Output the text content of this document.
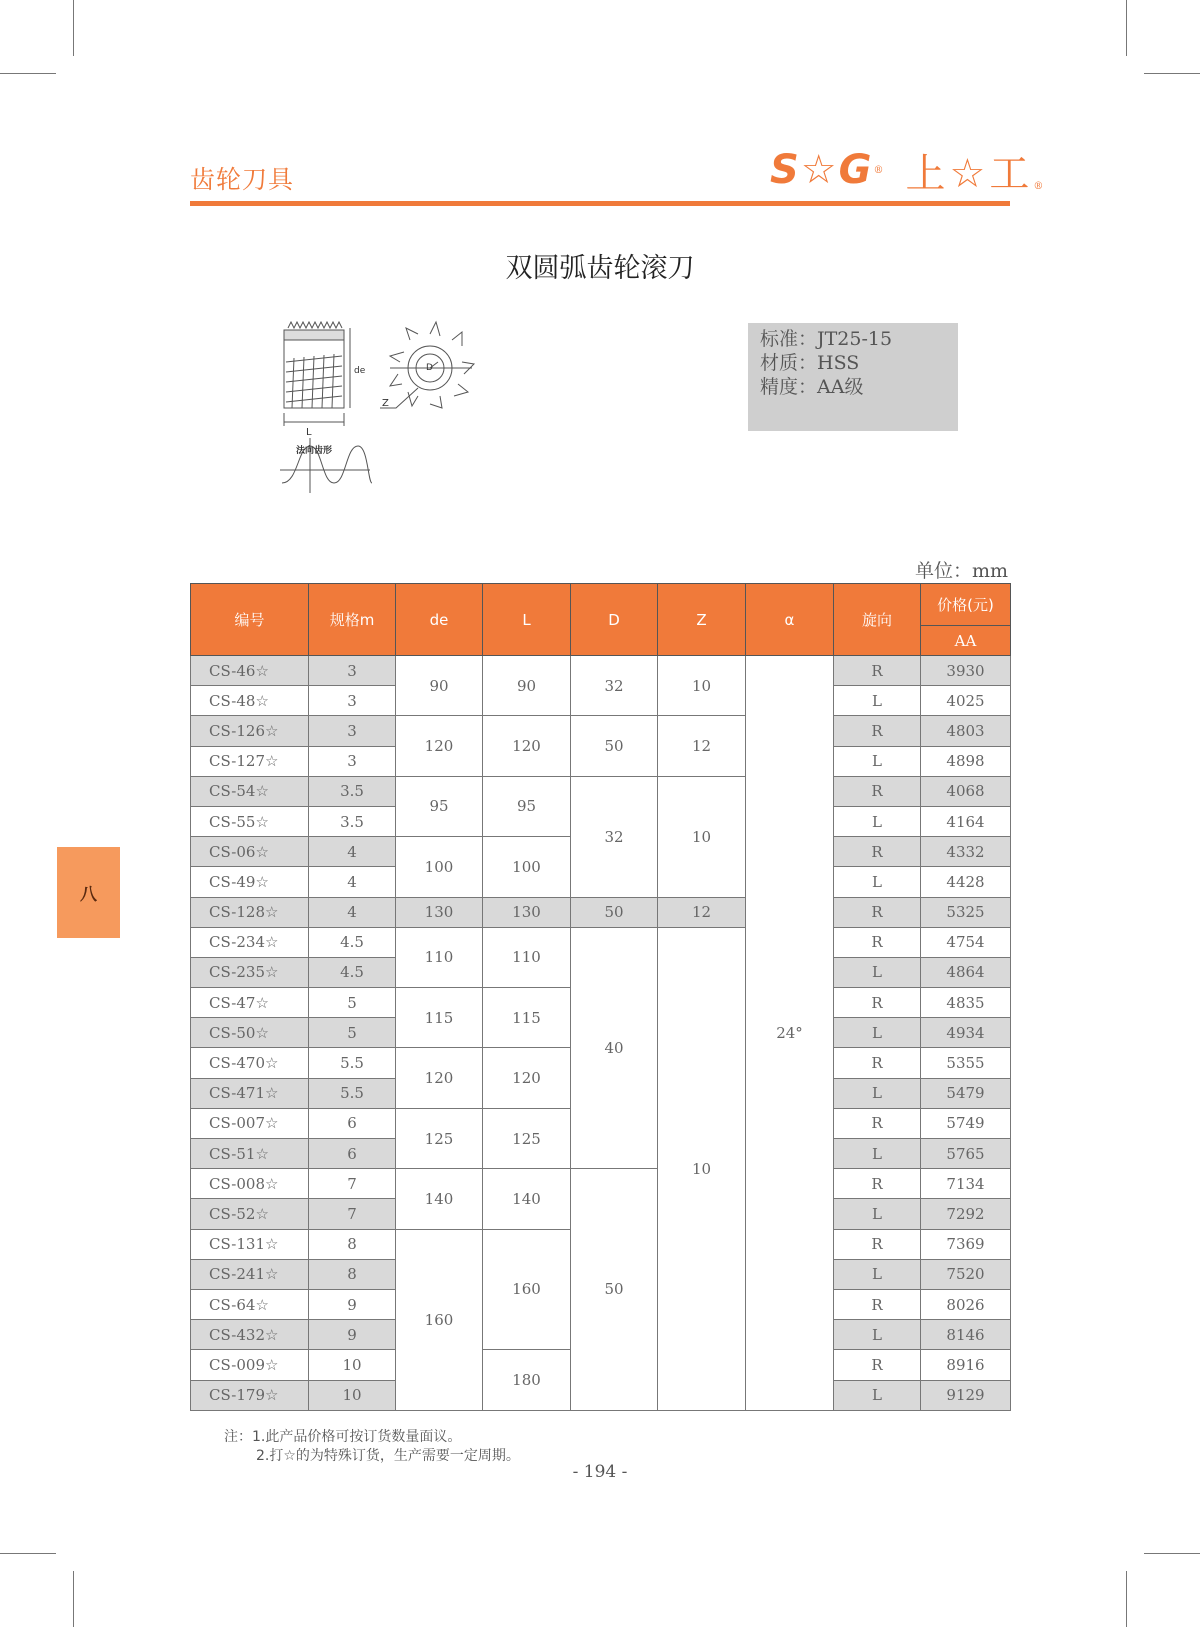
齿轮刀具	S☆G ® 上☆工 ®
双圆弧齿轮滚刀
L
de	D
Z
法向齿形
标准：JT25-15
材质：HSS
精度：AA级
单位：mm
八
编号	规格m	de	L	D	Z	α	旋向	价格(元)
								AA
CS-46☆	3	90	90	32	10	24°	R	3930
CS-48☆	3						L	4025
CS-126☆	3	120	120	50	12		R	4803
CS-127☆	3						L	4898
CS-54☆	3.5	95	95	32	10		R	4068
CS-55☆	3.5						L	4164
CS-06☆	4	100	100				R	4332
CS-49☆	4						L	4428
CS-128☆	4	130	130	50	12		R	5325
CS-234☆	4.5	110	110	40	10		R	4754
CS-235☆	4.5						L	4864
CS-47☆	5	115	115				R	4835
CS-50☆	5						L	4934
CS-470☆	5.5	120	120				R	5355
CS-471☆	5.5						L	5479
CS-007☆	6	125	125				R	5749
CS-51☆	6						L	5765
CS-008☆	7	140	140	50			R	7134
CS-52☆	7						L	7292
CS-131☆	8	160	160				R	7369
CS-241☆	8						L	7520
CS-64☆	9						R	8026
CS-432☆	9						L	8146
CS-009☆	10		180				R	8916
CS-179☆	10						L	9129
注：1.此产品价格可按订货数量面议。
2.打☆的为特殊订货，生产需要一定周期。
- 194 -
